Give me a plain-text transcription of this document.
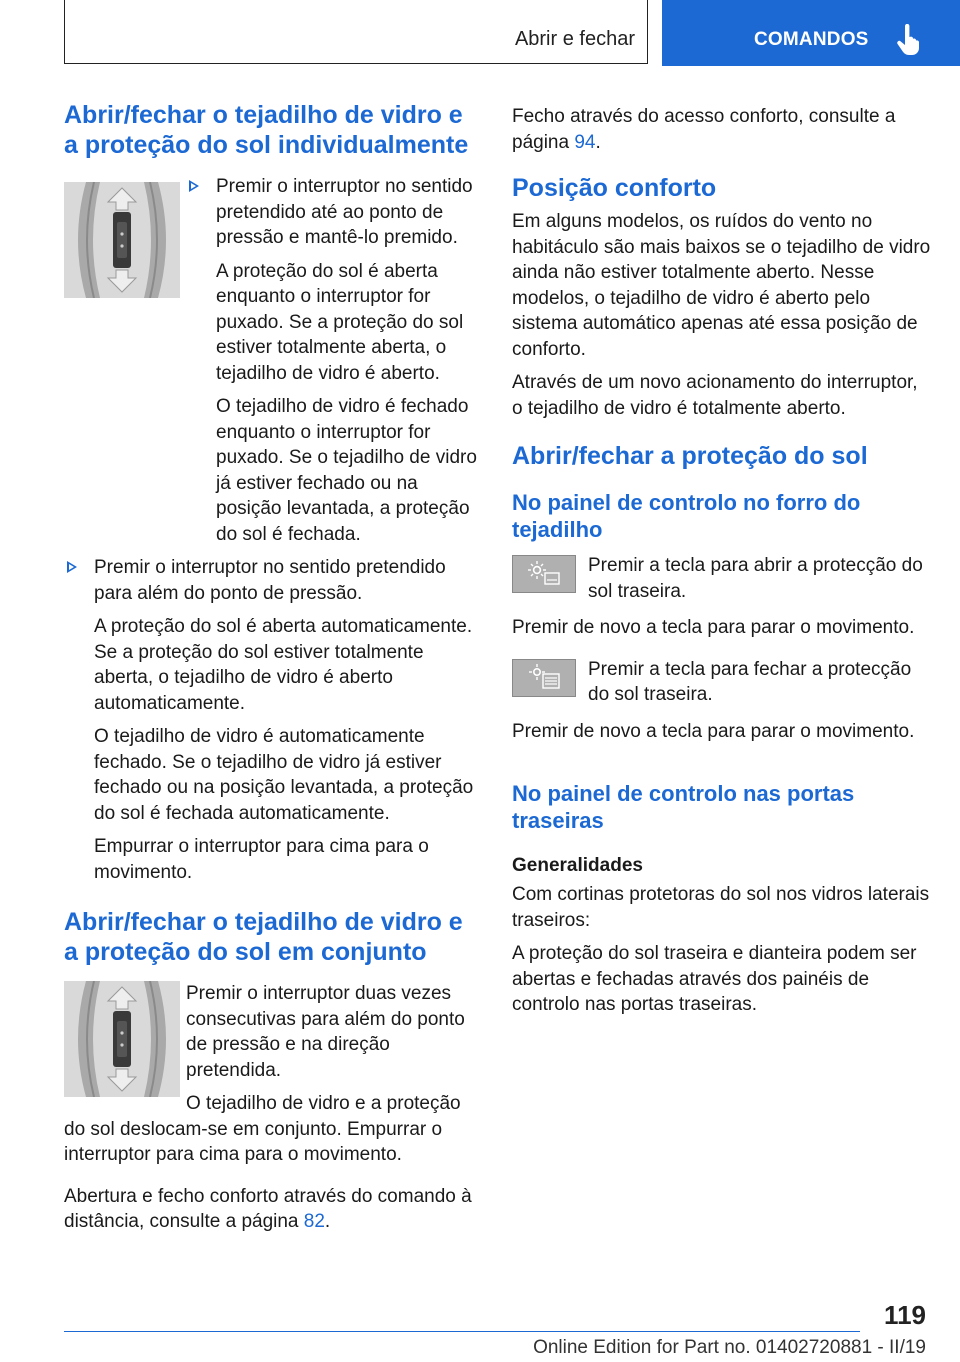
Abrir e fechar	COMANDOS
Abrir/fechar o tejadilho de vidro e a proteção do sol individualmente

Premir o interruptor no sentido pretendido até ao ponto de pressão e mantê-lo premido.

A proteção do sol é aberta enquanto o interruptor for puxado. Se a proteção do sol estiver totalmente aberta, o tejadilho de vidro é aberto.

O tejadilho de vidro é fechado enquanto o interruptor for puxado. Se o tejadilho de vidro já estiver fechado ou na posição levantada, a proteção do sol é fechada.

Premir o interruptor no sentido pretendido para além do ponto de pressão.

A proteção do sol é aberta automaticamente. Se a proteção do sol estiver totalmente aberta, o tejadilho de vidro é aberto automaticamente.

O tejadilho de vidro é automaticamente fechado. Se o tejadilho de vidro já estiver fechado ou na posição levantada, a proteção do sol é fechada automaticamente.

Empurrar o interruptor para cima para o movimento.

Abrir/fechar o tejadilho de vidro e a proteção do sol em conjunto

Premir o interruptor duas vezes consecutivas para além do ponto de pressão e na direção pretendida.

O tejadilho de vidro e a proteção do sol deslocam-se em conjunto. Empurrar o interruptor para cima para o movimento.

Abertura e fecho conforto através do comando à distância, consulte a página 82.

Fecho através do acesso conforto, consulte a página 94.

Posição conforto

Em alguns modelos, os ruídos do vento no habitáculo são mais baixos se o tejadilho de vidro ainda não estiver totalmente aberto. Nesse modelos, o tejadilho de vidro é aberto pelo sistema automático apenas até essa posição de conforto.

Através de um novo acionamento do interruptor, o tejadilho de vidro é totalmente aberto.

Abrir/fechar a proteção do sol
No painel de controlo no forro do tejadilho

Premir a tecla para abrir a protecção do sol traseira.

Premir de novo a tecla para parar o movimento.

Premir a tecla para fechar a protecção do sol traseira.

Premir de novo a tecla para parar o movimento.

No painel de controlo nas portas traseiras
Generalidades

Com cortinas protetoras do sol nos vidros laterais traseiros:

A proteção do sol traseira e dianteira podem ser abertas e fechadas através dos painéis de controlo nas portas traseiras.

119
Online Edition for Part no. 01402720881 - II/19
